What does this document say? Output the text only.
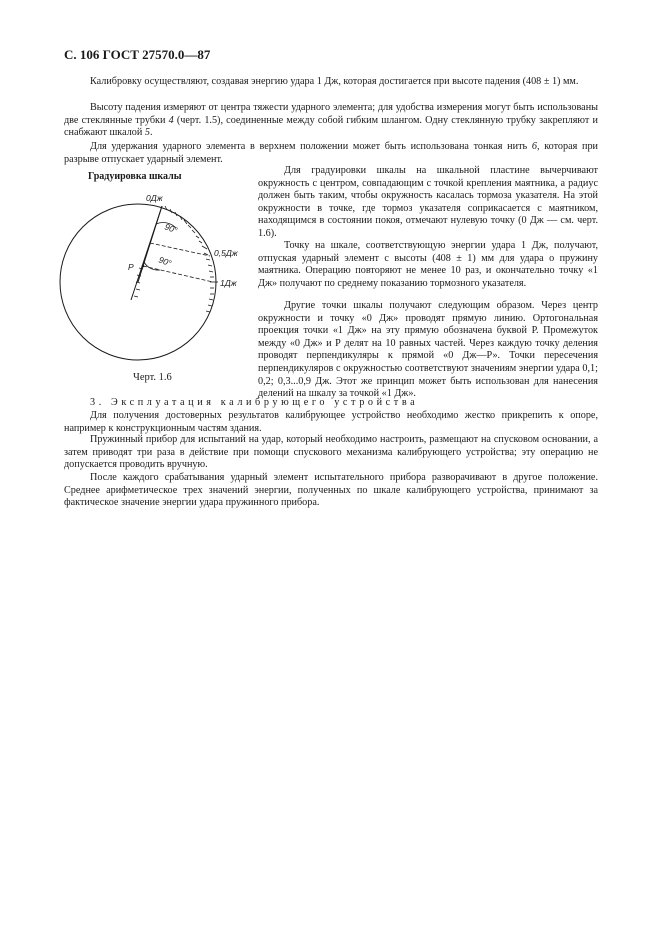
С. 106 ГОСТ 27570.0—87

Калибровку осуществляют, создавая энергию удара 1 Дж, которая достигается при высоте падения (408 ± 1) мм.

Высоту падения измеряют от центра тяжести ударного элемента; для удобства измерения могут быть использованы две стеклянные трубки 4 (черт. 1.5), соединенные между собой гибким шлангом. Одну стеклянную трубку закрепляют и снабжают шкалой 5.

Для удержания ударного элемента в верхнем положении может быть использована тонкая нить 6, которая при разрыве отпускает ударный элемент.

Градуировка шкалы
0Дж
0,5Дж
1Дж
Р
90°
90°
Черт. 1.6

Для градуировки шкалы на шкальной пластине вычерчивают окружность с центром, совпадающим с точкой крепления маятника, а радиус должен быть таким, чтобы окружность касалась тормоза указателя. На этой окружности в точке, где тормоз указателя соприкасается с маятником, находящимся в состоянии покоя, отмечают нулевую точку (0 Дж — см. черт. 1.6).

Точку на шкале, соответствующую энергии удара 1 Дж, получают, отпуская ударный элемент с высоты (408 ± 1) мм для удара о пружину маятника. Операцию повторяют не менее 10 раз, и окончательно точку «1 Дж» получают по среднему показанию тормозного указателя.

Другие точки шкалы получают следующим образом. Через центр окружности и точку «0 Дж» проводят прямую линию. Ортогональная проекция точки «1 Дж» на эту прямую обозначена буквой Р. Промежуток между «0 Дж» и Р делят на 10 равных частей. Через каждую точку деления проводят перпендикуляры к прямой «0 Дж—Р». Точки пересечения перпендикуляров с окружностью соответствуют значениям энергии удара 0,1; 0,2; 0,3...0,9 Дж. Этот же принцип может быть использован для нанесения делений на шкалу за точкой «1 Дж».

3. Эксплуатация калибрующего устройства

Для получения достоверных результатов калибрующее устройство необходимо жестко прикрепить к опоре, например к конструкционным частям здания.

Пружинный прибор для испытаний на удар, который необходимо настроить, размещают на спусковом основании, а затем приводят три раза в действие при помощи спускового механизма калибрующего устройства; эту операцию не допускается проводить вручную.

После каждого срабатывания ударный элемент испытательного прибора разворачивают в другое положение. Среднее арифметическое трех значений энергии, полученных по шкале калибрующего устройства, принимают за фактическое значение энергии удара пружинного прибора.
